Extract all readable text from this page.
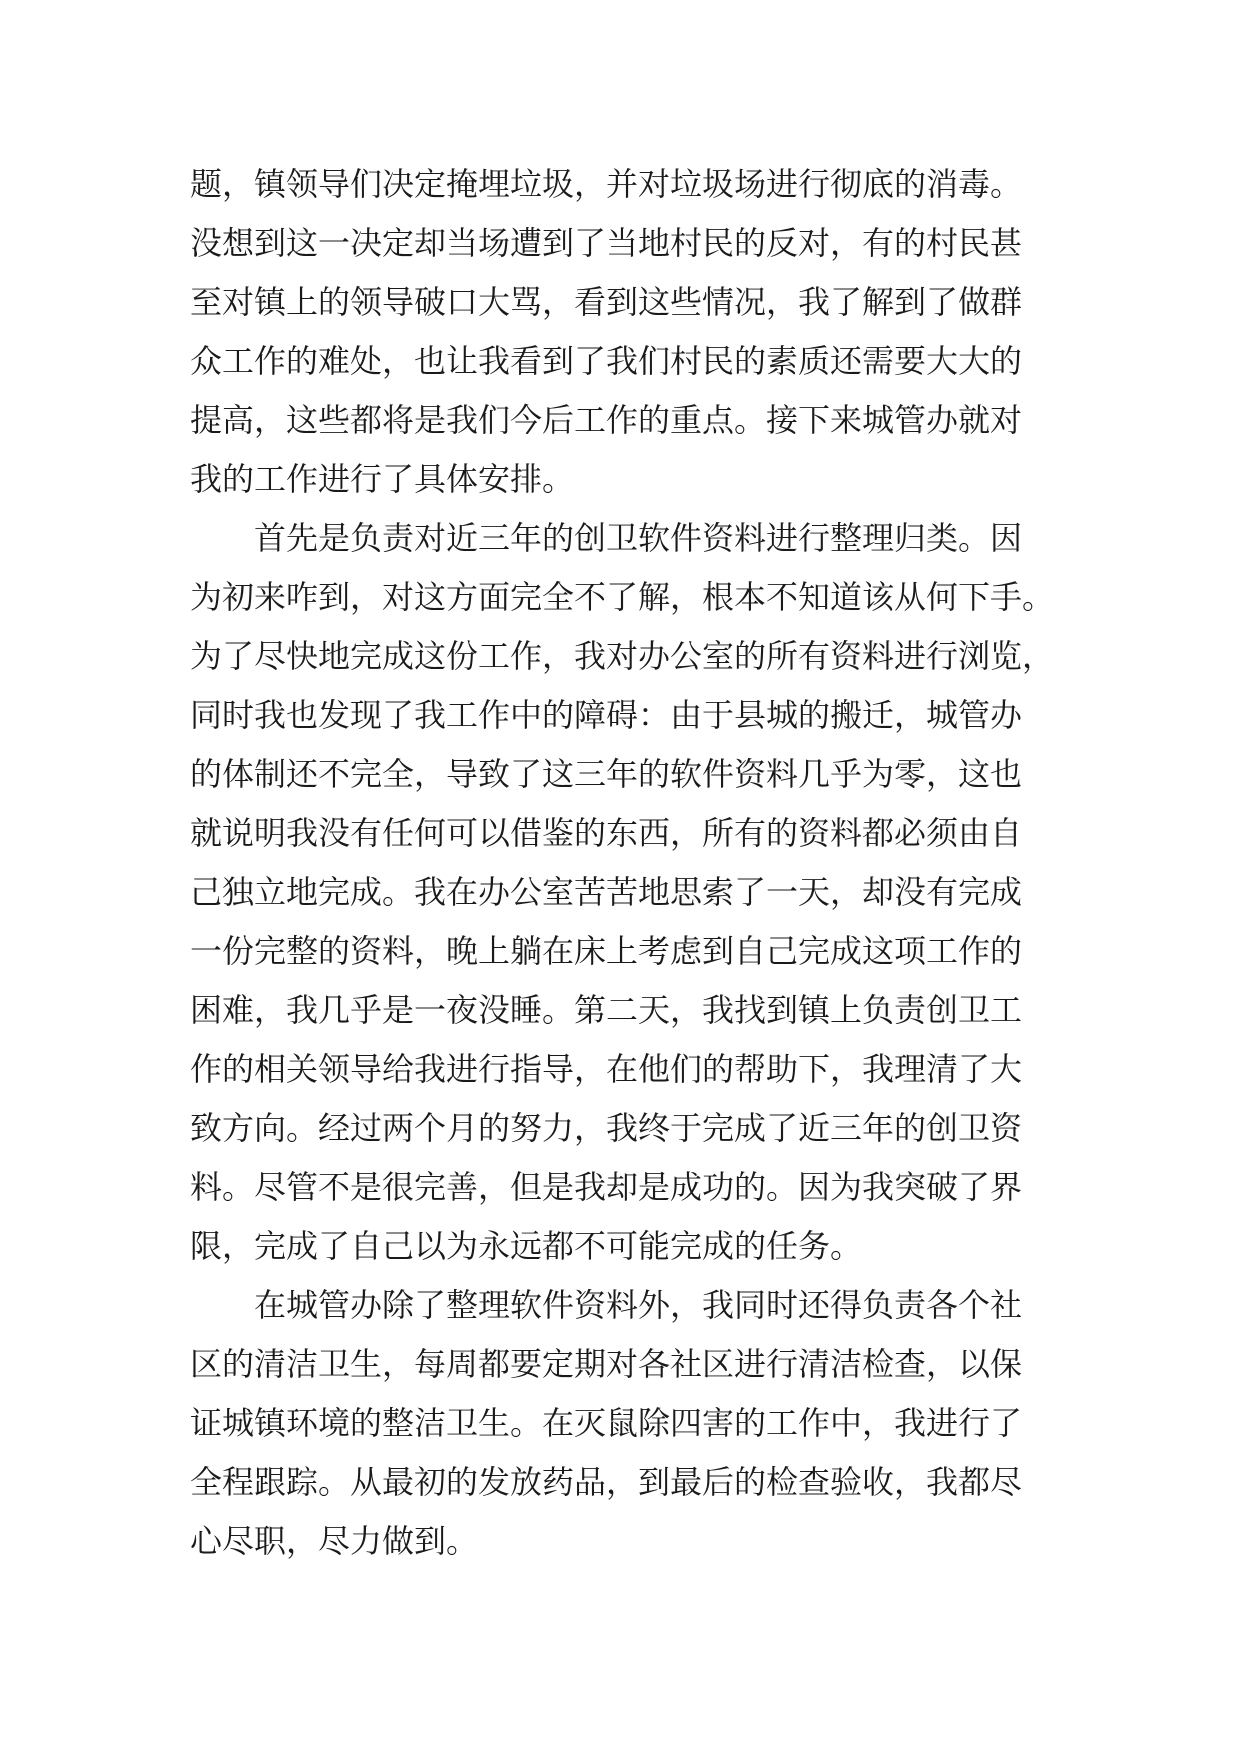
题，镇领导们决定掩埋垃圾，并对垃圾场进行彻底的消毒。
没想到这一决定却当场遭到了当地村民的反对，有的村民甚
至对镇上的领导破口大骂，看到这些情况，我了解到了做群
众工作的难处，也让我看到了我们村民的素质还需要大大的
提高，这些都将是我们今后工作的重点。接下来城管办就对
我的工作进行了具体安排。
首先是负责对近三年的创卫软件资料进行整理归类。因
为初来咋到，对这方面完全不了解，根本不知道该从何下手。
为了尽快地完成这份工作，我对办公室的所有资料进行浏览，
同时我也发现了我工作中的障碍：由于县城的搬迁，城管办
的体制还不完全，导致了这三年的软件资料几乎为零，这也
就说明我没有任何可以借鉴的东西，所有的资料都必须由自
己独立地完成。我在办公室苦苦地思索了一天，却没有完成
一份完整的资料，晚上躺在床上考虑到自己完成这项工作的
困难，我几乎是一夜没睡。第二天，我找到镇上负责创卫工
作的相关领导给我进行指导，在他们的帮助下，我理清了大
致方向。经过两个月的努力，我终于完成了近三年的创卫资
料。尽管不是很完善，但是我却是成功的。因为我突破了界
限，完成了自己以为永远都不可能完成的任务。
在城管办除了整理软件资料外，我同时还得负责各个社
区的清洁卫生，每周都要定期对各社区进行清洁检查，以保
证城镇环境的整洁卫生。在灭鼠除四害的工作中，我进行了
全程跟踪。从最初的发放药品，到最后的检查验收，我都尽
心尽职，尽力做到。
